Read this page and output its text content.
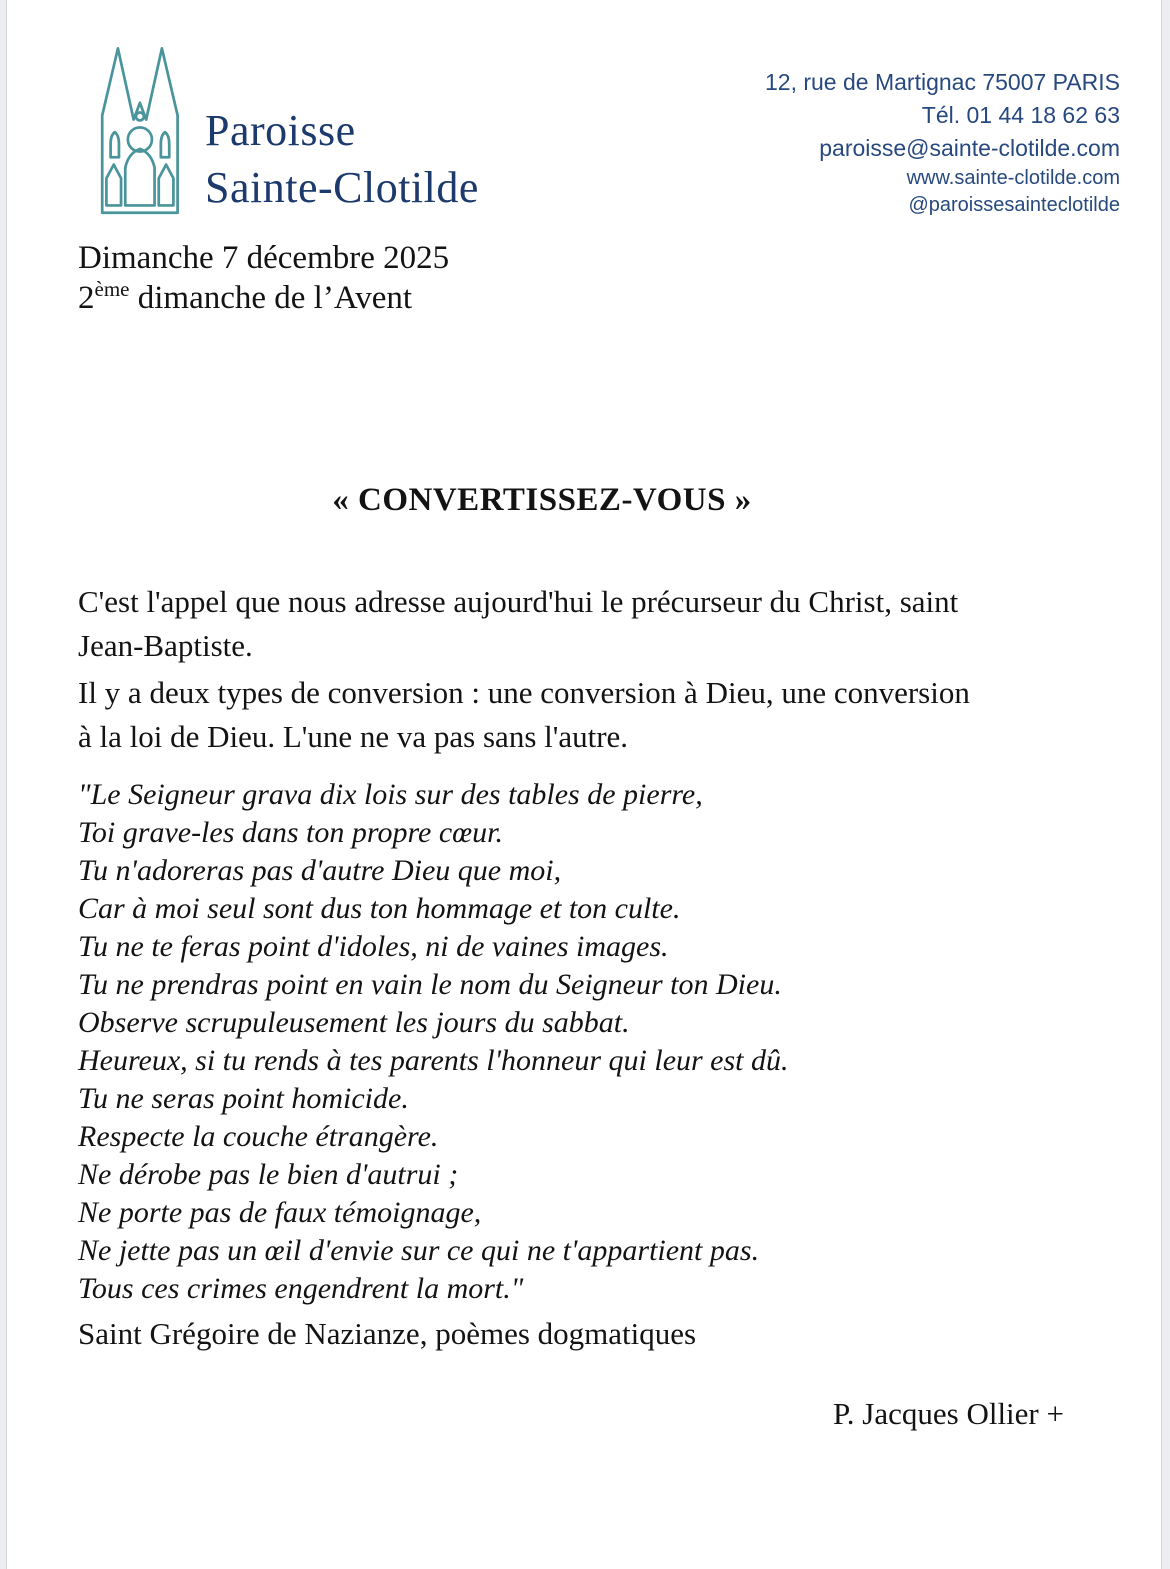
Paroisse
Sainte-Clotilde
12, rue de Martignac 75007 PARIS
Tél. 01 44 18 62 63
paroisse@sainte-clotilde.com
www.sainte-clotilde.com
@paroissesainteclotilde
Dimanche 7 décembre 2025
2ème dimanche de l’Avent
« CONVERTISSEZ-VOUS »

C'est l'appel que nous adresse aujourd'hui le précurseur du Christ, saint
Jean-Baptiste.

Il y a deux types de conversion : une conversion à Dieu, une conversion
à la loi de Dieu. L'une ne va pas sans l'autre.

"Le Seigneur grava dix lois sur des tables de pierre,
Toi grave-les dans ton propre cœur.
Tu n'adoreras pas d'autre Dieu que moi,
Car à moi seul sont dus ton hommage et ton culte.
Tu ne te feras point d'idoles, ni de vaines images.
Tu ne prendras point en vain le nom du Seigneur ton Dieu.
Observe scrupuleusement les jours du sabbat.
Heureux, si tu rends à tes parents l'honneur qui leur est dû.
Tu ne seras point homicide.
Respecte la couche étrangère.
Ne dérobe pas le bien d'autrui ;
Ne porte pas de faux témoignage,
Ne jette pas un œil d'envie sur ce qui ne t'appartient pas.
Tous ces crimes engendrent la mort."
Saint Grégoire de Nazianze, poèmes dogmatiques
P. Jacques Ollier +
